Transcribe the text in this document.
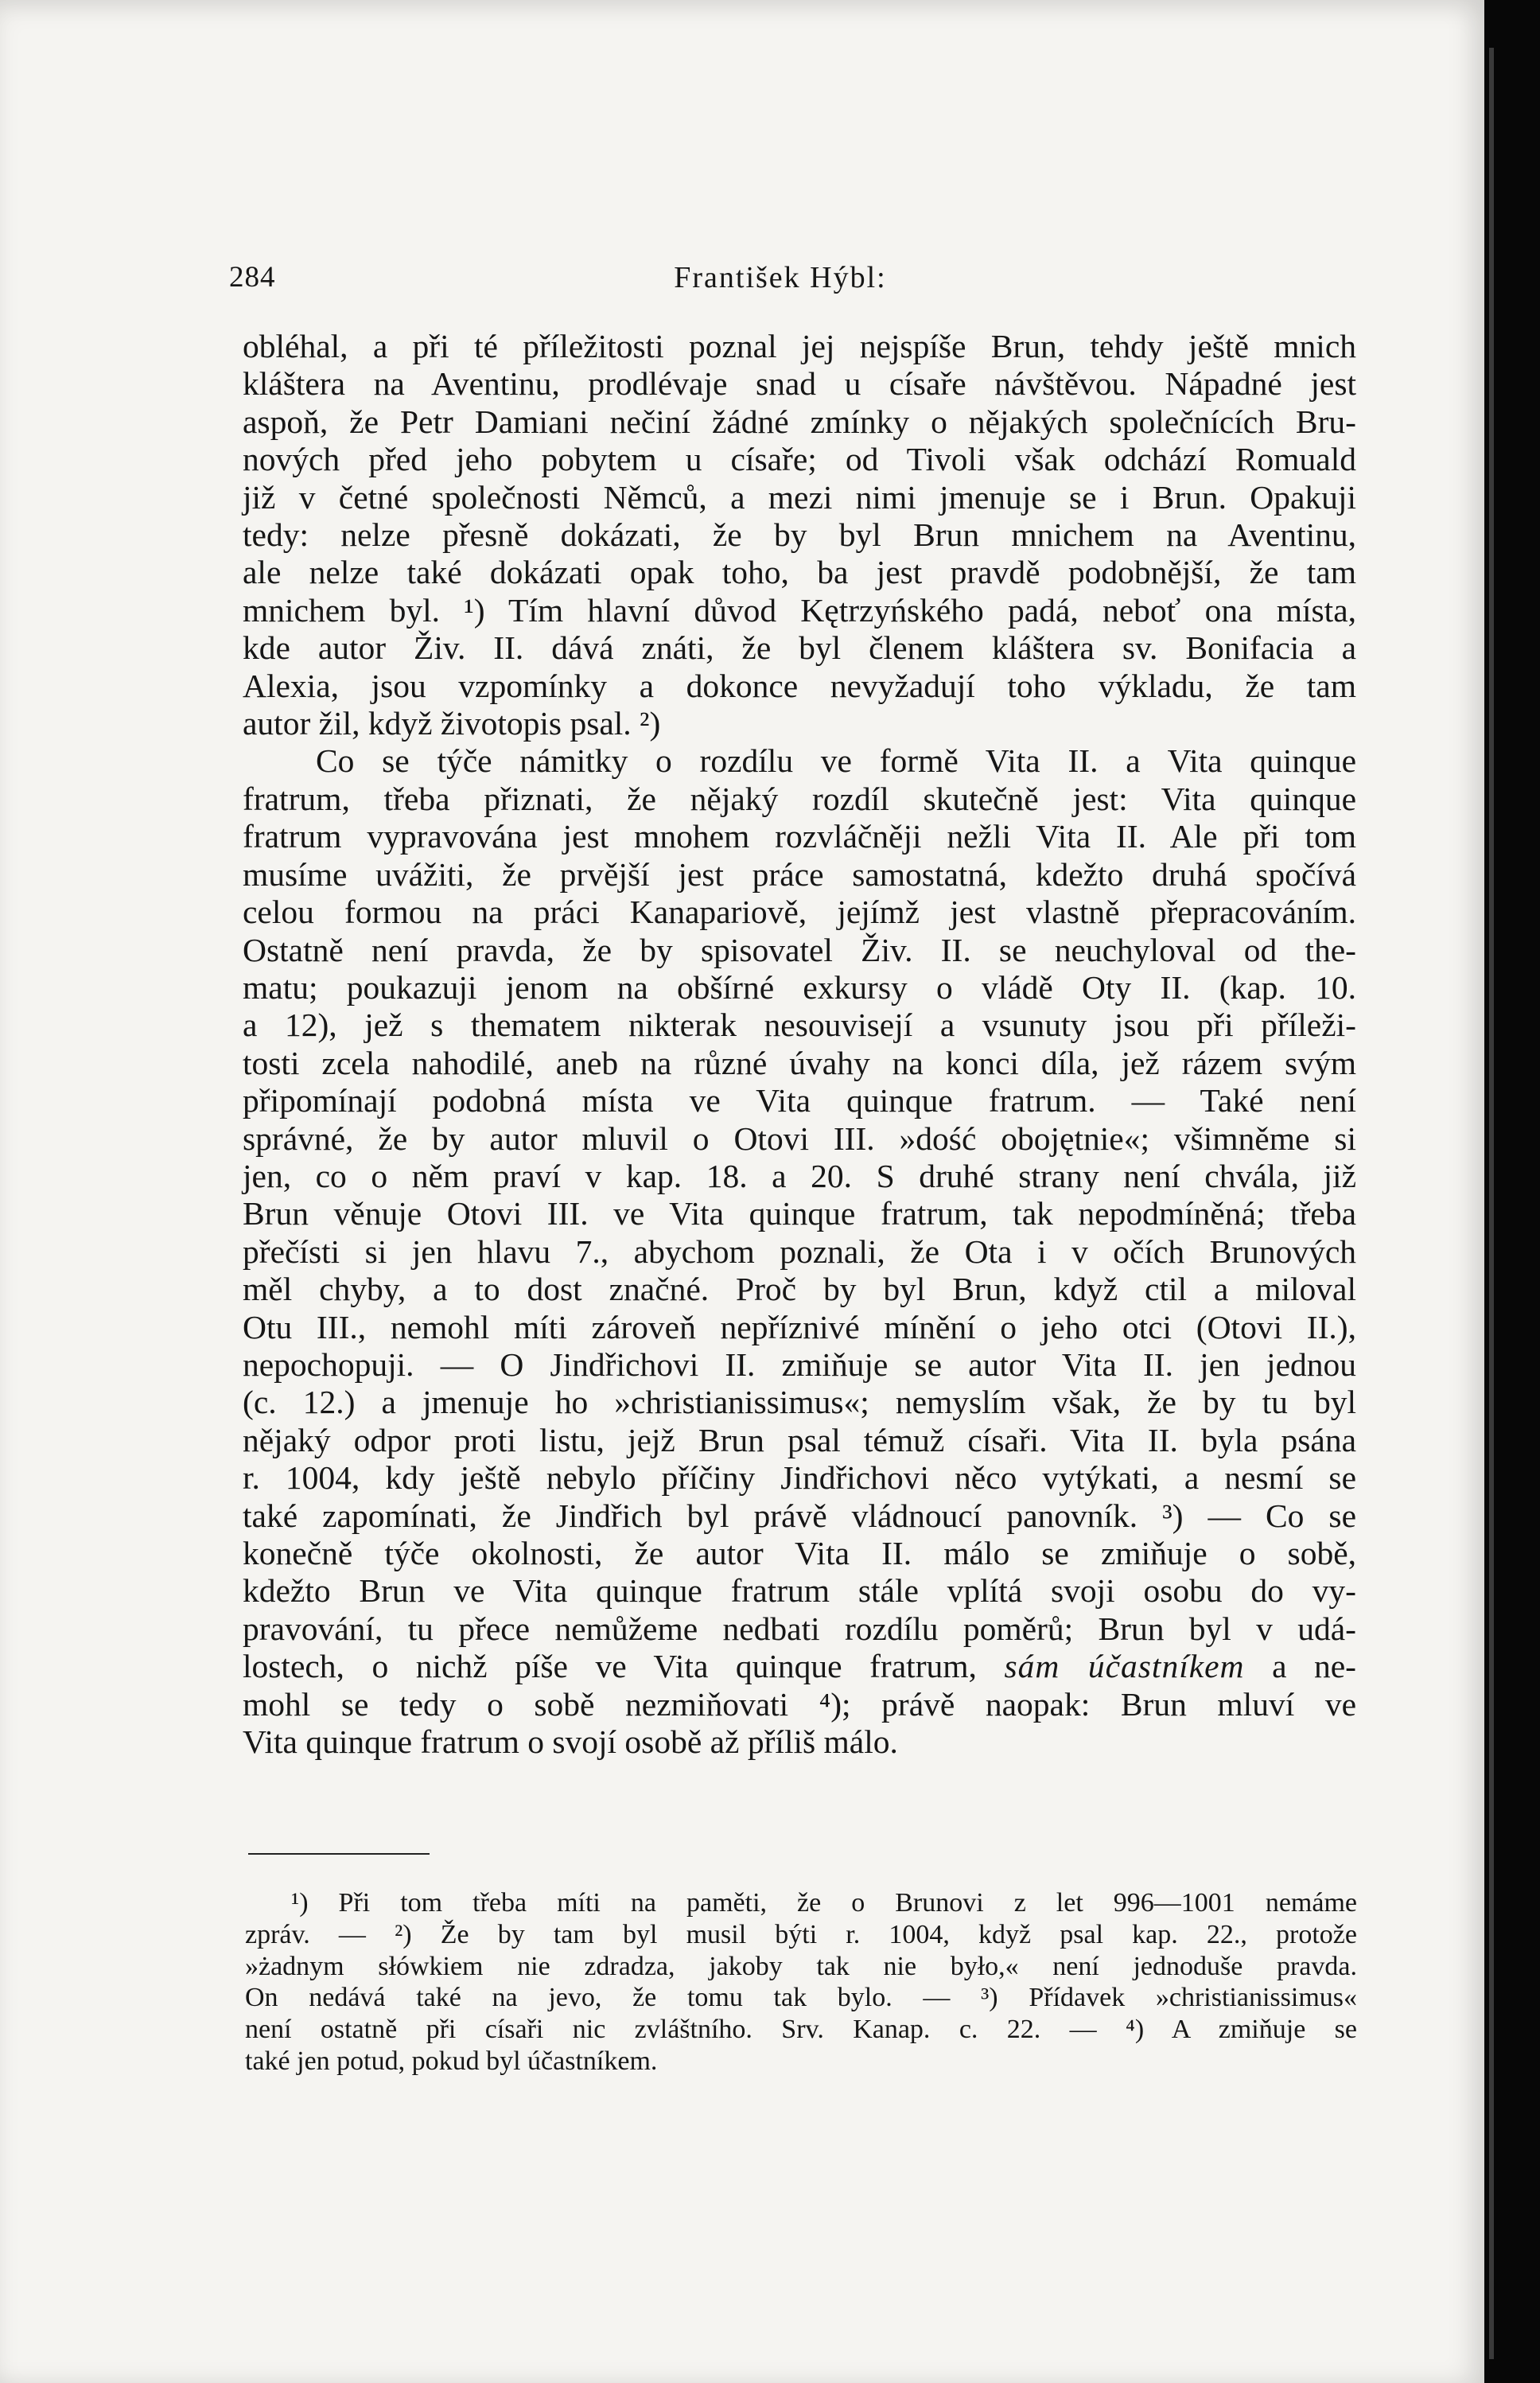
284	František Hýbl:
obléhal, a při té příležitosti poznal jej nejspíše Brun, tehdy ještě mnich
kláštera na Aventinu, prodlévaje snad u císaře návštěvou. Nápadné jest
aspoň, že Petr Damiani nečiní žádné zmínky o nějakých společnících Bru-
nových před jeho pobytem u císaře; od Tivoli však odchází Romuald
již v četné společnosti Němců, a mezi nimi jmenuje se i Brun. Opakuji
tedy: nelze přesně dokázati, že by byl Brun mnichem na Aventinu,
ale nelze také dokázati opak toho, ba jest pravdě podobnější, že tam
mnichem byl. ¹) Tím hlavní důvod Kętrzyńského padá, neboť ona místa,
kde autor Živ. II. dává znáti, že byl členem kláštera sv. Bonifacia a
Alexia, jsou vzpomínky a dokonce nevyžadují toho výkladu, že tam
autor žil, když životopis psal. ²)
Co se týče námitky o rozdílu ve formě Vita II. a Vita quinque
fratrum, třeba přiznati, že nějaký rozdíl skutečně jest: Vita quinque
fratrum vypravována jest mnohem rozvláčněji nežli Vita II. Ale při tom
musíme uvážiti, že prvější jest práce samostatná, kdežto druhá spočívá
celou formou na práci Kanapariově, jejímž jest vlastně přepracováním.
Ostatně není pravda, že by spisovatel Živ. II. se neuchyloval od the-
matu; poukazuji jenom na obšírné exkursy o vládě Oty II. (kap. 10.
a 12), jež s thematem nikterak nesouvisejí a vsunuty jsou při příleži-
tosti zcela nahodilé, aneb na různé úvahy na konci díla, jež rázem svým
připomínají podobná místa ve Vita quinque fratrum. — Také není
správné, že by autor mluvil o Otovi III. »dość obojętnie«; všimněme si
jen, co o něm praví v kap. 18. a 20. S druhé strany není chvála, již
Brun věnuje Otovi III. ve Vita quinque fratrum, tak nepodmíněná; třeba
přečísti si jen hlavu 7., abychom poznali, že Ota i v očích Brunových
měl chyby, a to dost značné. Proč by byl Brun, když ctil a miloval
Otu III., nemohl míti zároveň nepříznivé mínění o jeho otci (Otovi II.),
nepochopuji. — O Jindřichovi II. zmiňuje se autor Vita II. jen jednou
(c. 12.) a jmenuje ho »christianissimus«; nemyslím však, že by tu byl
nějaký odpor proti listu, jejž Brun psal témuž císaři. Vita II. byla psána
r. 1004, kdy ještě nebylo příčiny Jindřichovi něco vytýkati, a nesmí se
také zapomínati, že Jindřich byl právě vládnoucí panovník. ³) — Co se
konečně týče okolnosti, že autor Vita II. málo se zmiňuje o sobě,
kdežto Brun ve Vita quinque fratrum stále vplítá svoji osobu do vy-
pravování, tu přece nemůžeme nedbati rozdílu poměrů; Brun byl v udá-
lostech, o nichž píše ve Vita quinque fratrum, sám účastníkem a ne-
mohl se tedy o sobě nezmiňovati ⁴); právě naopak: Brun mluví ve
Vita quinque fratrum o svojí osobě až příliš málo.
¹) Při tom třeba míti na paměti, že o Brunovi z let 996—1001 nemáme
zpráv. — ²) Že by tam byl musil býti r. 1004, když psal kap. 22., protože
»żadnym słówkiem nie zdradza, jakoby tak nie było,« není jednoduše pravda.
On nedává také na jevo, že tomu tak bylo. — ³) Přídavek »christianissimus«
není ostatně při císaři nic zvláštního. Srv. Kanap. c. 22. — ⁴) A zmiňuje se
také jen potud, pokud byl účastníkem.
